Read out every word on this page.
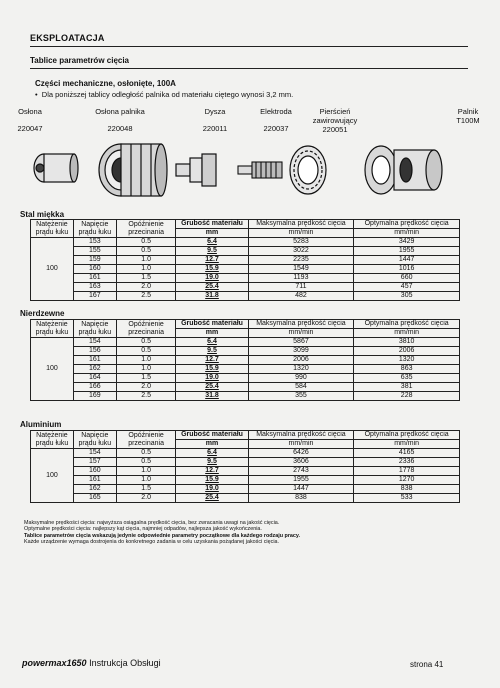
EKSPLOATACJA
Tablice parametrów cięcia
Części mechaniczne, osłonięte, 100A
•  Dla poniższej tablicy odległość palnika od materiału ciętego wynosi 3,2 mm.
Osłona
220047
Osłona palnika
220048
Dysza
220011
Elektroda
220037
Pierścień zawirowujący
220051
Palnik
T100M
Stal miękka
Natężenie prądu łuku	Napięcie prądu łuku	Opóźnienie przecinania	Grubość materiału	Maksymalna prędkość cięcia	Optymalna prędkość cięcia
			mm	mm/min	mm/min
100	153	0.5	6.4	5283	3429
	155	0.5	9.5	3022	1955
	159	1.0	12.7	2235	1447
	160	1.0	15.9	1549	1016
	161	1.5	19.0	1193	660
	163	2.0	25.4	711	457
	167	2.5	31.8	482	305
Nierdzewne
Natężenie prądu łuku	Napięcie prądu łuku	Opóźnienie przecinania	Grubość materiału	Maksymalna prędkość cięcia	Optymalna prędkość cięcia
			mm	mm/min	mm/min
100	154	0.5	6.4	5867	3810
	156	0.5	9.5	3099	2006
	161	1.0	12.7	2006	1320
	162	1.0	15.9	1320	863
	164	1.5	19.0	990	635
	166	2.0	25.4	584	381
	169	2.5	31.8	355	228
Aluminium
Natężenie prądu łuku	Napięcie prądu łuku	Opóźnienie przecinania	Grubość materiału	Maksymalna prędkość cięcia	Optymalna prędkość cięcia
			mm	mm/min	mm/min
100	154	0.5	6.4	6426	4165
	157	0.5	9.5	3606	2336
	160	1.0	12.7	2743	1778
	161	1.0	15.9	1955	1270
	162	1.5	19.0	1447	838
	165	2.0	25.4	838	533
Maksymalne prędkości cięcia: najwyższa osiągalna prędkość cięcia, bez zwracania uwagi na jakość cięcia.
Optymalne prędkości cięcia: najlepszy kąt cięcia, najmniej odpadów, najlepsza jakość wykończenia.
Tablice parametrów cięcia wskazują jedynie odpowiednie parametry początkowe dla każdego rodzaju pracy.
Każde urządzenie wymaga dostrojenia do konkretnego zadania w celu uzyskania pożądanej jakości cięcia.
powermax1650 Instrukcja Obsługi	strona 41
